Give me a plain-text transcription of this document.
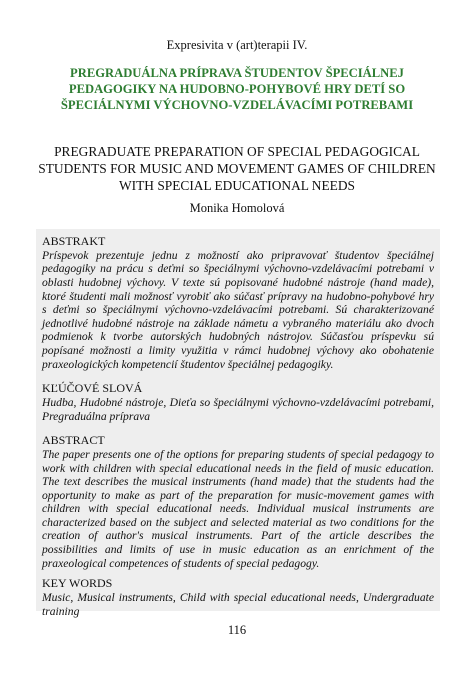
Expresivita v (art)terapii IV.
PREGRADUÁLNA PRÍPRAVA ŠTUDENTOV ŠPECIÁLNEJ PEDAGOGIKY NA HUDOBNO-POHYBOVÉ HRY DETÍ SO ŠPECIÁLNYMI VÝCHOVNO-VZDELÁVACÍMI POTREBAMI
PREGRADUATE PREPARATION OF SPECIAL PEDAGOGICAL STUDENTS FOR MUSIC AND MOVEMENT GAMES OF CHILDREN WITH SPECIAL EDUCATIONAL NEEDS
Monika Homolová
ABSTRAKT

Príspevok prezentuje jednu z možností ako pripravovať študentov špeciálnej pedagogiky na prácu s deťmi so špeciálnymi výchovno-vzdelávacími potrebami v oblasti hudobnej výchovy. V texte sú popisované hudobné nástroje (hand made), ktoré študenti mali možnosť vyrobiť ako súčasť prípravy na hudobno-pohybové hry s deťmi so špeciálnymi výchovno-vzdelávacími potrebami. Sú charakterizované jednotlivé hudobné nástroje na základe námetu a vybraného materiálu ako dvoch podmienok k tvorbe autorských hudobných nástrojov. Súčasťou príspevku sú popísané možnosti a limity využitia v rámci hudobnej výchovy ako obohatenie praxeologických kompetencií študentov špeciálnej pedagogiky.

KĽÚČOVÉ SLOVÁ

Hudba, Hudobné nástroje, Dieťa so špeciálnymi výchovno-vzdelávacími potrebami, Pregraduálna príprava

ABSTRACT

The paper presents one of the options for preparing students of special pedagogy to work with children with special educational needs in the field of music education. The text describes the musical instruments (hand made) that the students had the opportunity to make as part of the preparation for music-movement games with children with special educational needs. Individual musical instruments are characterized based on the subject and selected material as two conditions for the creation of author's musical instruments. Part of the article describes the possibilities and limits of use in music education as an enrichment of the praxeological competences of students of special pedagogy.

KEY WORDS

Music, Musical instruments, Child with special educational needs, Undergraduate training

116
